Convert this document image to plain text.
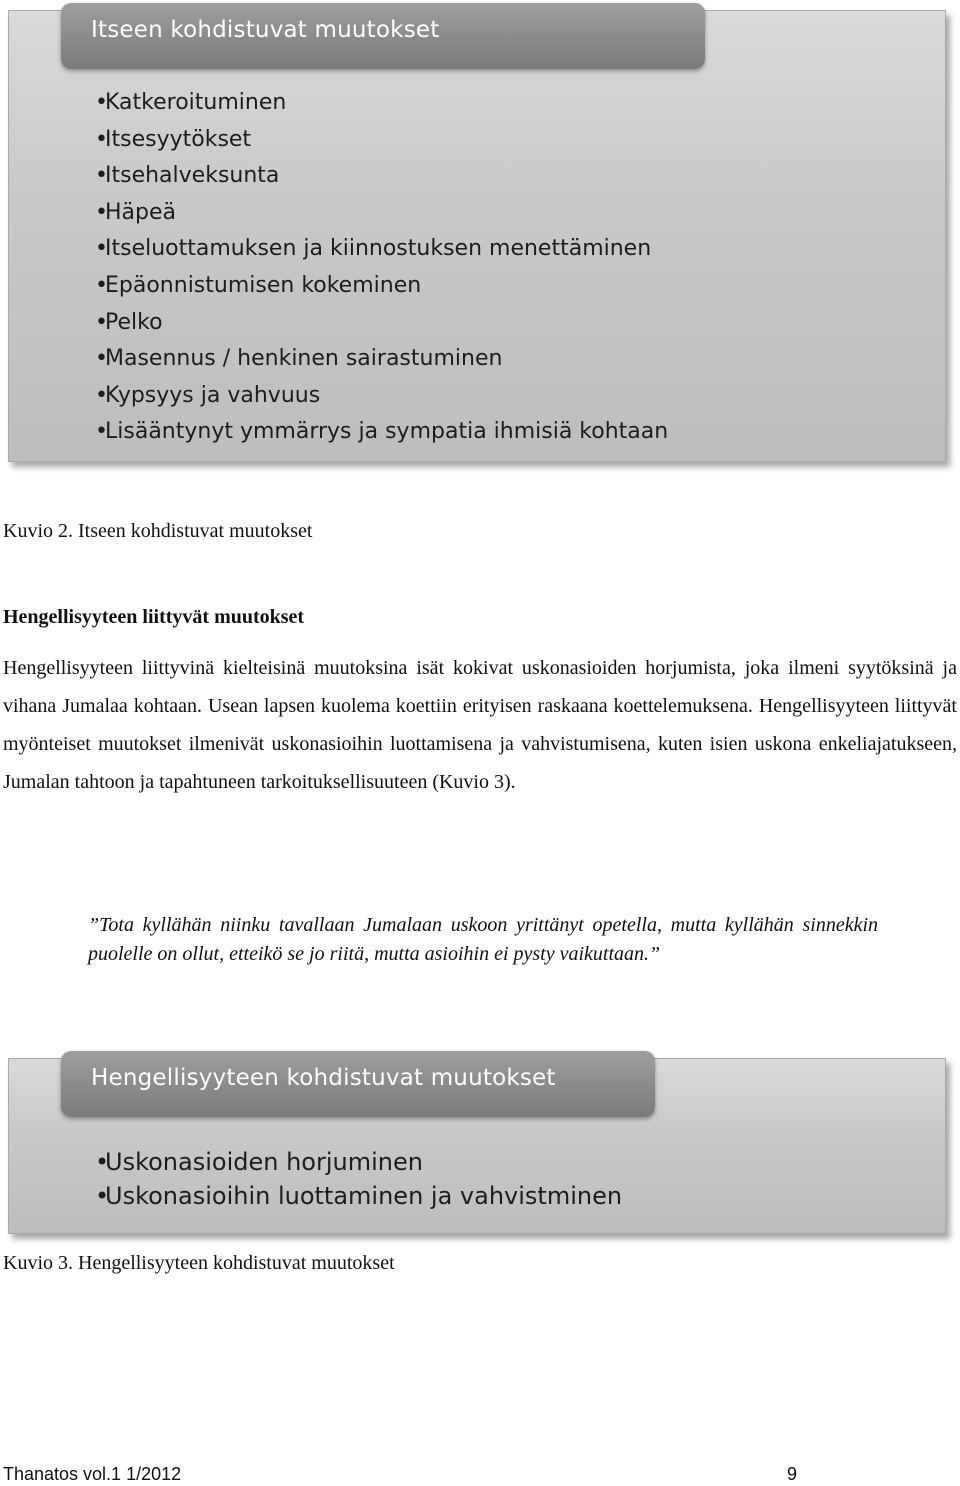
Itseen kohdistuvat muutokset
•Katkeroituminen
•Itsesyytökset
•Itsehalveksunta
•Häpeä
•Itseluottamuksen ja kiinnostuksen menettäminen
•Epäonnistumisen kokeminen
•Pelko
•Masennus / henkinen sairastuminen
•Kypsyys ja vahvuus
•Lisääntynyt ymmärrys ja sympatia ihmisiä kohtaan
Kuvio 2. Itseen kohdistuvat muutokset
Hengellisyyteen liittyvät muutokset
Hengellisyyteen liittyvinä kielteisinä muutoksina isät kokivat uskonasioiden horjumista, joka ilmeni syytöksinä ja vihana Jumalaa kohtaan. Usean lapsen kuolema koettiin erityisen raskaana koettelemuksena. Hengellisyyteen liittyvät myönteiset muutokset ilmenivät uskonasioihin luottamisena ja vahvistumisena, kuten isien uskona enkeliajatukseen, Jumalan tahtoon ja tapahtuneen tarkoituksellisuuteen (Kuvio 3).
”Tota kyllähän niinku tavallaan Jumalaan uskoon yrittänyt opetella, mutta kyllähän sinnekkin puolelle on ollut, etteikö se jo riitä, mutta asioihin ei pysty vaikuttaan.”
Hengellisyyteen kohdistuvat muutokset
•Uskonasioiden horjuminen
•Uskonasioihin luottaminen ja vahvistminen
Kuvio 3. Hengellisyyteen kohdistuvat muutokset
Thanatos vol.1 1/2012	9
